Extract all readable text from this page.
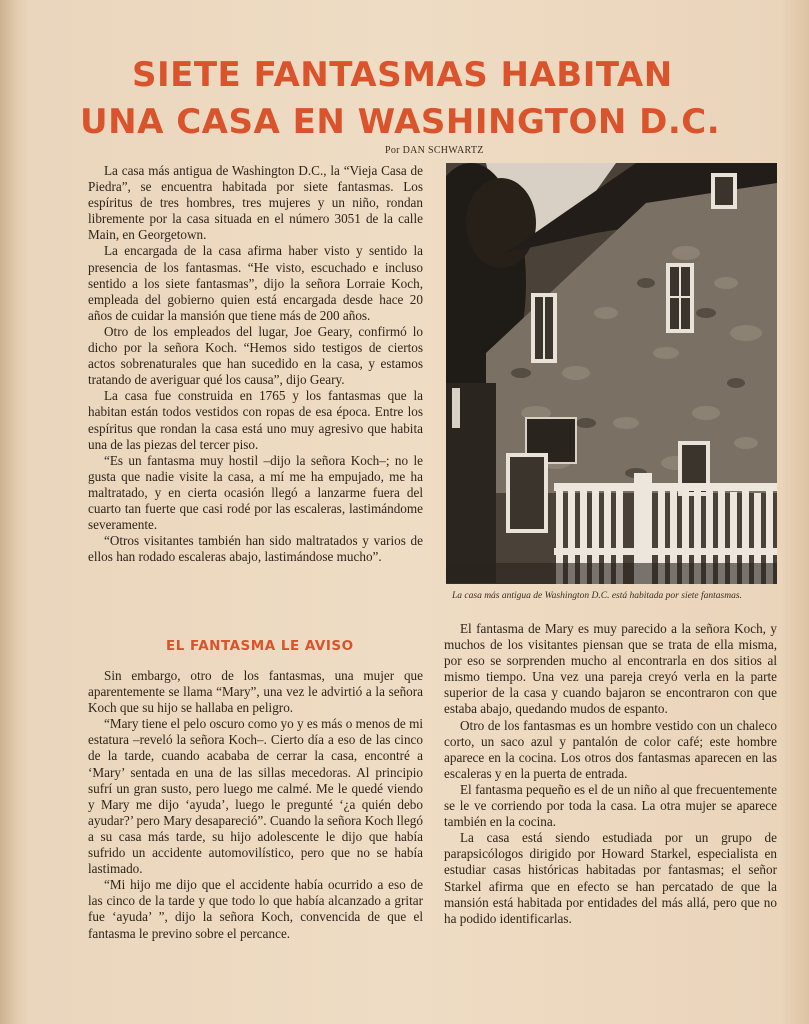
SIETE FANTASMAS HABITAN
UNA CASA EN WASHINGTON D.C.
Por DAN SCHWARTZ

La casa más antigua de Washington D.C., la “Vieja Casa de Piedra”, se encuentra habitada por siete fantasmas. Los espíritus de tres hombres, tres mujeres y un niño, rondan libremente por la casa situada en el número 3051 de la calle Main, en Georgetown.

La encargada de la casa afirma haber visto y sentido la presencia de los fantasmas. “He visto, escuchado e incluso sentido a los siete fantasmas”, dijo la señora Lorraie Koch, empleada del gobierno quien está encargada desde hace 20 años de cuidar la mansión que tiene más de 200 años.

Otro de los empleados del lugar, Joe Geary, confirmó lo dicho por la señora Koch. “Hemos sido testigos de ciertos actos sobrenaturales que han sucedido en la casa, y estamos tratando de averiguar qué los causa”, dijo Geary.

La casa fue construida en 1765 y los fantasmas que la habitan están todos vestidos con ropas de esa época. Entre los espíritus que rondan la casa está uno muy agresivo que habita una de las piezas del tercer piso.

“Es un fantasma muy hostil –dijo la señora Koch–; no le gusta que nadie visite la casa, a mí me ha empujado, me ha maltratado, y en cierta ocasión llegó a lanzarme fuera del cuarto tan fuerte que casi rodé por las escaleras, lastimándome severamente.

“Otros visitantes también han sido maltratados y varios de ellos han rodado escaleras abajo, lastimándose mucho”.

EL FANTASMA LE AVISO

Sin embargo, otro de los fantasmas, una mujer que aparentemente se llama “Mary”, una vez le advirtió a la señora Koch que su hijo se hallaba en peligro.

“Mary tiene el pelo oscuro como yo y es más o menos de mi estatura –reveló la señora Koch–. Cierto día a eso de las cinco de la tarde, cuando acababa de cerrar la casa, encontré a ‘Mary’ sentada en una de las sillas mecedoras. Al principio sufrí un gran susto, pero luego me calmé. Me le quedé viendo y Mary me dijo ‘ayuda’, luego le pregunté ‘¿a quién debo ayudar?’ pero Mary desapareció”. Cuando la señora Koch llegó a su casa más tarde, su hijo adolescente le dijo que había sufrido un accidente automovilístico, pero que no se había lastimado.

“Mi hijo me dijo que el accidente había ocurrido a eso de las cinco de la tarde y que todo lo que había alcanzado a gritar fue ‘ayuda’ ”, dijo la señora Koch, convencida de que el fantasma le previno sobre el percance.

La casa más antigua de Washington D.C. está habitada por siete fantasmas.

El fantasma de Mary es muy parecido a la señora Koch, y muchos de los visitantes piensan que se trata de ella misma, por eso se sorprenden mucho al encontrarla en dos sitios al mismo tiempo. Una vez una pareja creyó verla en la parte superior de la casa y cuando bajaron se encontraron con que estaba abajo, quedando mudos de espanto.

Otro de los fantasmas es un hombre vestido con un chaleco corto, un saco azul y pantalón de color café; este hombre aparece en la cocina. Los otros dos fantasmas aparecen en las escaleras y en la puerta de entrada.

El fantasma pequeño es el de un niño al que frecuentemente se le ve corriendo por toda la casa. La otra mujer se aparece también en la cocina.

La casa está siendo estudiada por un grupo de parapsicólogos dirigido por Howard Starkel, especialista en estudiar casas históricas habitadas por fantasmas; el señor Starkel afirma que en efecto se han percatado de que la mansión está habitada por entidades del más allá, pero que no ha podido identificarlas.
